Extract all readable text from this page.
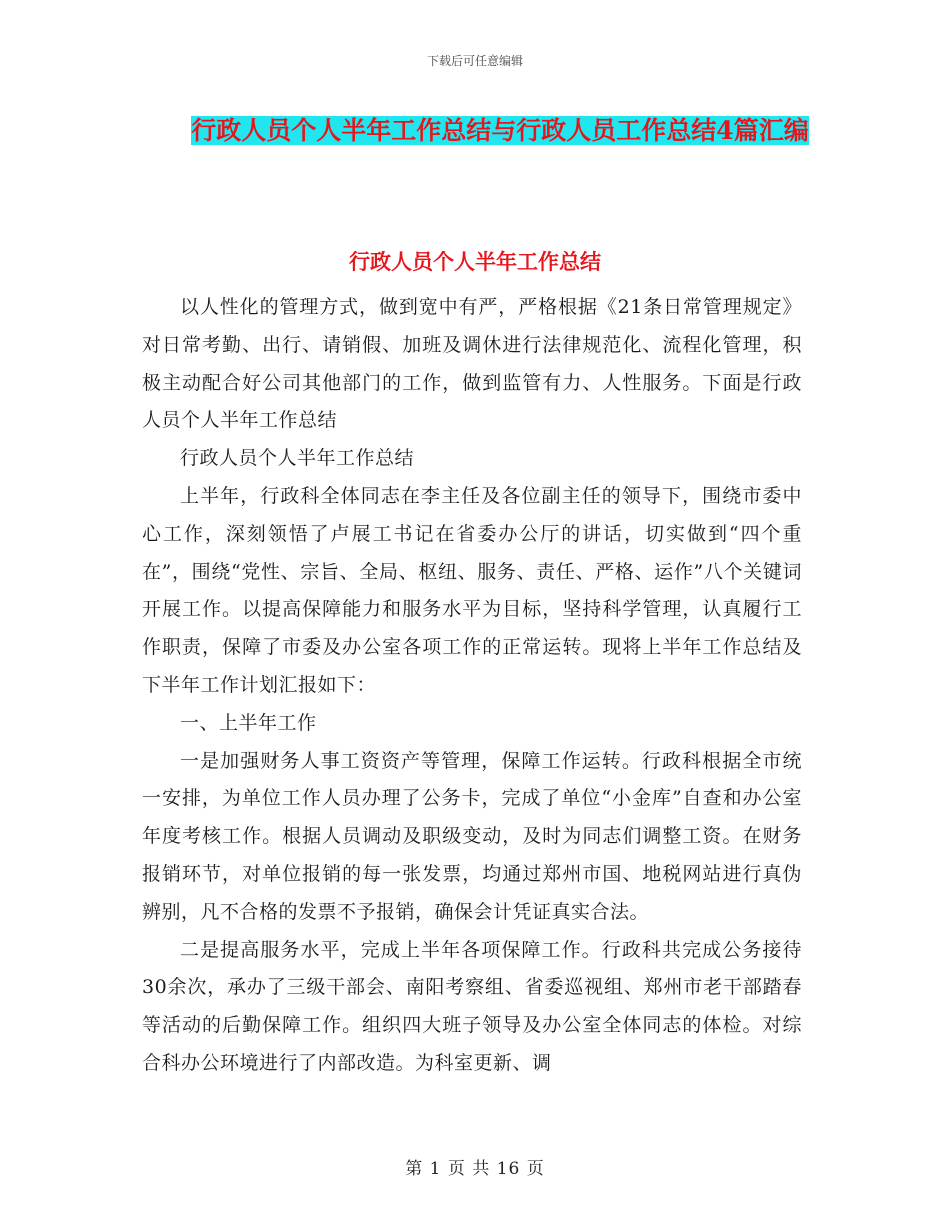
下载后可任意编辑
行政人员个人半年工作总结与行政人员工作总结4篇汇编
行政人员个人半年工作总结

以人性化的管理方式，做到宽中有严，严格根据《21条日常管理规定》对日常考勤、出行、请销假、加班及调休进行法律规范化、流程化管理，积极主动配合好公司其他部门的工作，做到监管有力、人性服务。下面是行政人员个人半年工作总结

行政人员个人半年工作总结

上半年，行政科全体同志在李主任及各位副主任的领导下，围绕市委中心工作，深刻领悟了卢展工书记在省委办公厅的讲话，切实做到“四个重在”，围绕“党性、宗旨、全局、枢纽、服务、责任、严格、运作”八个关键词开展工作。以提高保障能力和服务水平为目标，坚持科学管理，认真履行工作职责，保障了市委及办公室各项工作的正常运转。现将上半年工作总结及下半年工作计划汇报如下：

一、上半年工作

一是加强财务人事工资资产等管理，保障工作运转。行政科根据全市统一安排，为单位工作人员办理了公务卡，完成了单位“小金库”自查和办公室年度考核工作。根据人员调动及职级变动，及时为同志们调整工资。在财务报销环节，对单位报销的每一张发票，均通过郑州市国、地税网站进行真伪辨别，凡不合格的发票不予报销，确保会计凭证真实合法。

二是提高服务水平，完成上半年各项保障工作。行政科共完成公务接待30余次，承办了三级干部会、南阳考察组、省委巡视组、郑州市老干部踏春等活动的后勤保障工作。组织四大班子领导及办公室全体同志的体检。对综合科办公环境进行了内部改造。为科室更新、调

第 1 页 共 16 页
